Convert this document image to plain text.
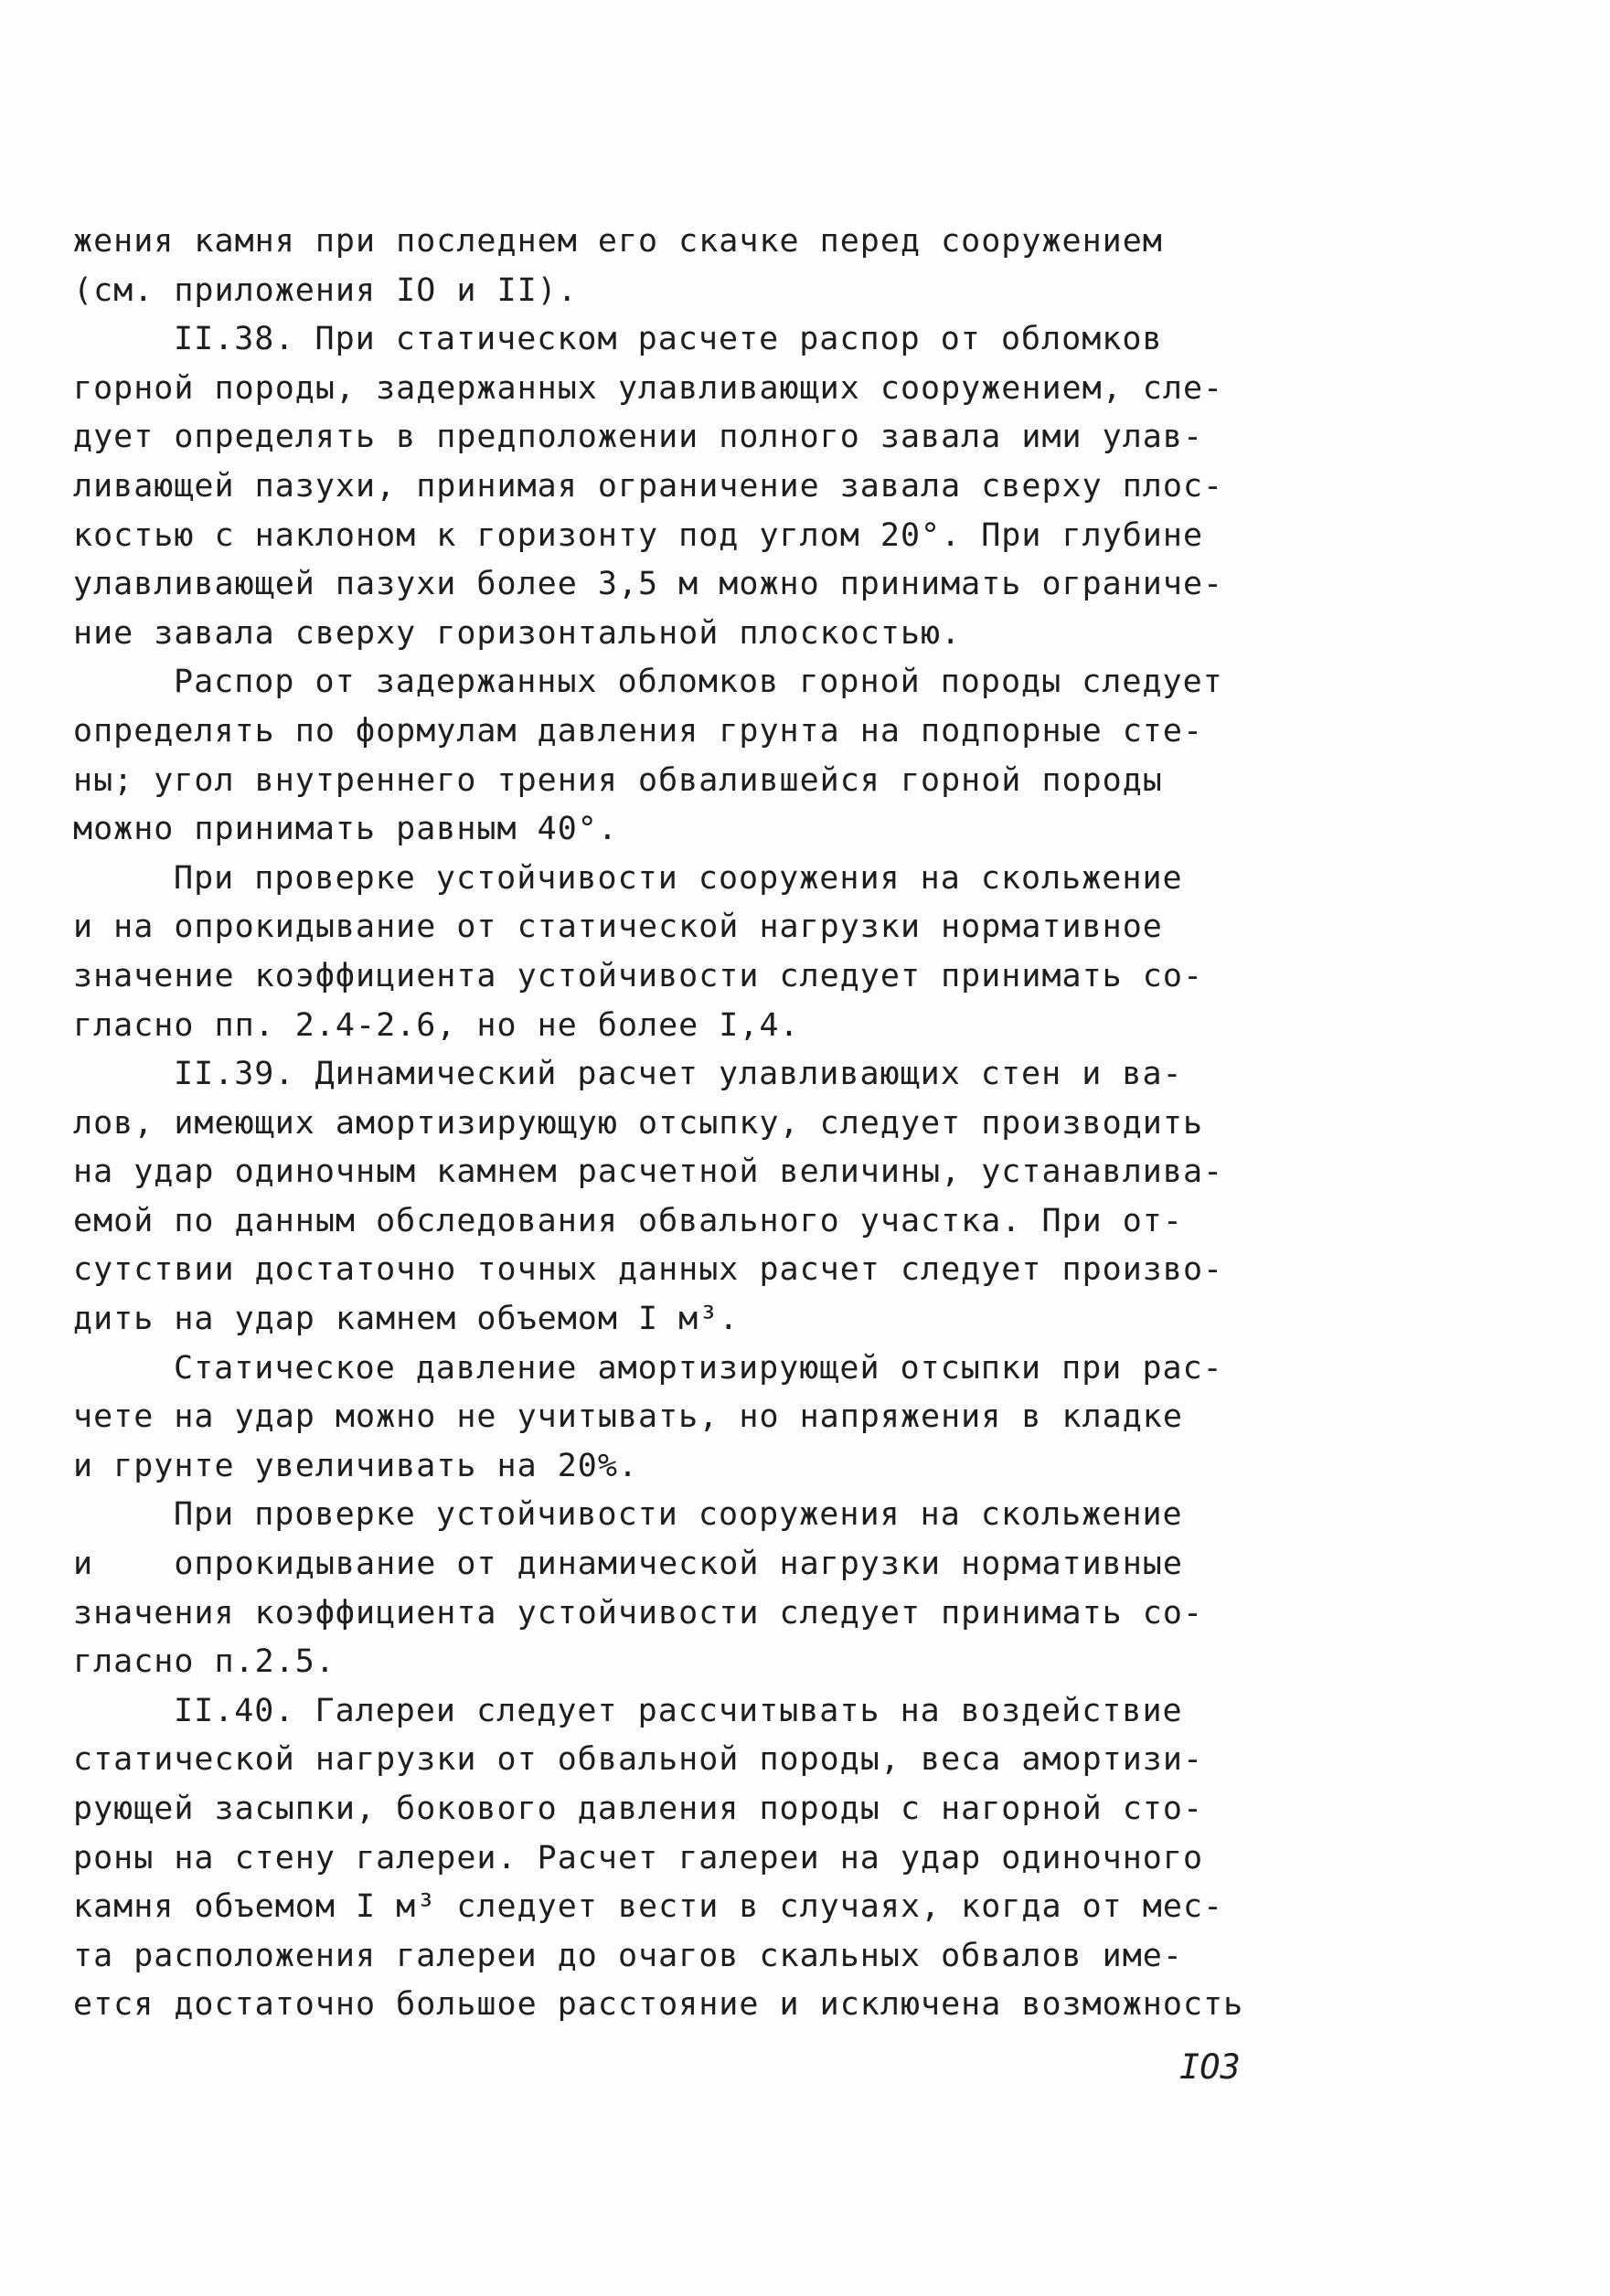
жения камня при последнем его скачке перед сооружением
(см. приложения IO и II).
II.38. При статическом расчете распор от обломков
горной породы, задержанных улавливающих сооружением, сле-
дует определять в предположении полного завала ими улав-
ливающей пазухи, принимая ограничение завала сверху плос-
костью с наклоном к горизонту под углом 20°. При глубине
улавливающей пазухи более 3,5 м можно принимать ограниче-
ние завала сверху горизонтальной плоскостью.
Распор от задержанных обломков горной породы следует
определять по формулам давления грунта на подпорные сте-
ны; угол внутреннего трения обвалившейся горной породы
можно принимать равным 40°.
При проверке устойчивости сооружения на скольжение
и на опрокидывание от статической нагрузки нормативное
значение коэффициента устойчивости следует принимать со-
гласно пп. 2.4-2.6, но не более I,4.
II.39. Динамический расчет улавливающих стен и ва-
лов, имеющих амортизирующую отсыпку, следует производить
на удар одиночным камнем расчетной величины, устанавлива-
емой по данным обследования обвального участка. При от-
сутствии достаточно точных данных расчет следует произво-
дить на удар камнем объемом I м³.
Статическое давление амортизирующей отсыпки при рас-
чете на удар можно не учитывать, но напряжения в кладке
и грунте увеличивать на 20%.
При проверке устойчивости сооружения на скольжение
и    опрокидывание от динамической нагрузки нормативные
значения коэффициента устойчивости следует принимать со-
гласно п.2.5.
II.40. Галереи следует рассчитывать на воздействие
статической нагрузки от обвальной породы, веса амортизи-
рующей засыпки, бокового давления породы с нагорной сто-
роны на стену галереи. Расчет галереи на удар одиночного
камня объемом I м³ следует вести в случаях, когда от мес-
та расположения галереи до очагов скальных обвалов име-
ется достаточно большое расстояние и исключена возможность
IO3
